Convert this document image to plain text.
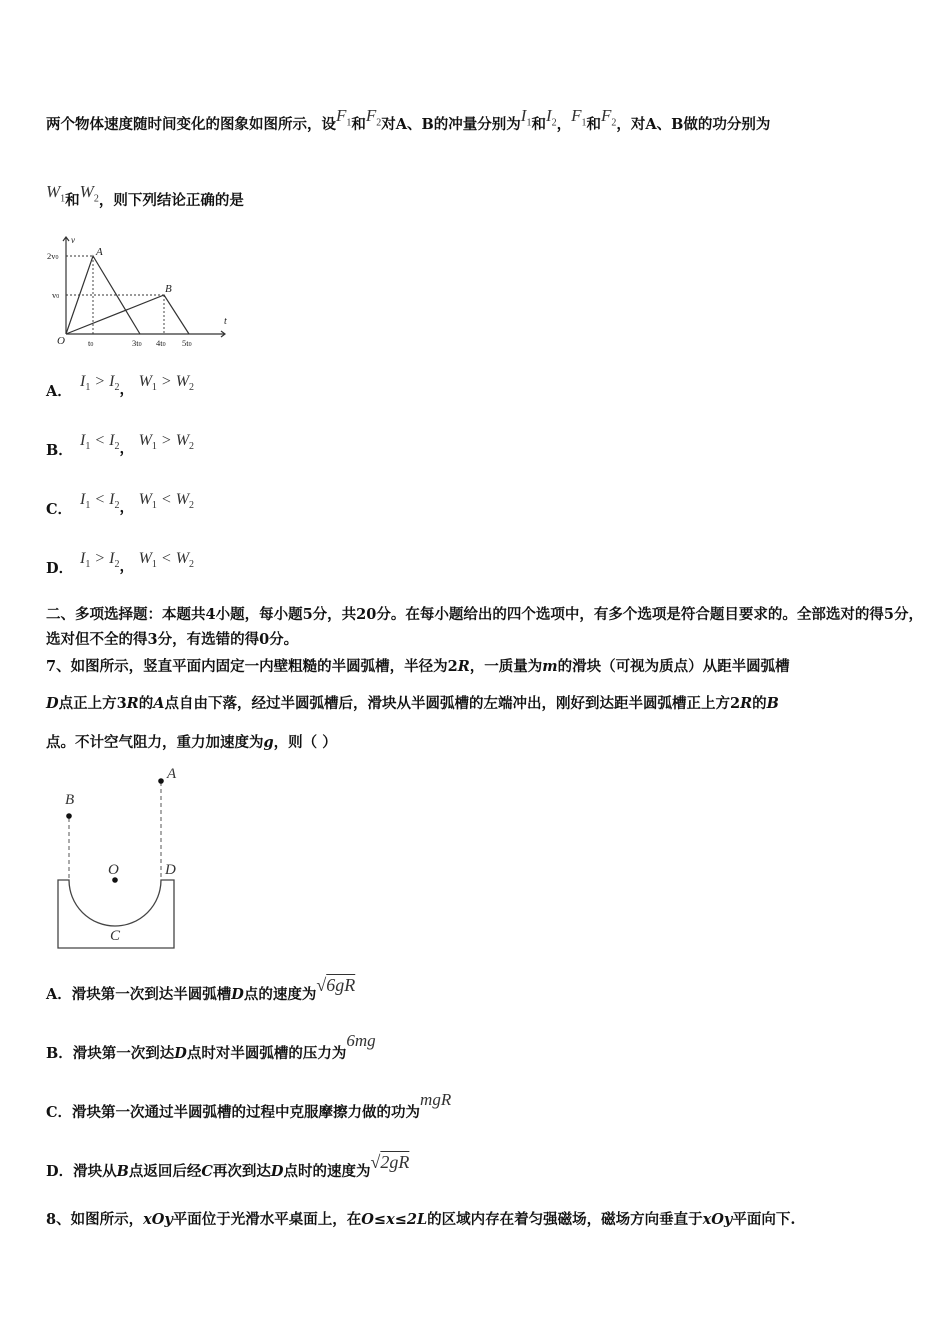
两个物体速度随时间变化的图象如图所示，设$F_1$和$F_2$对A、B的冲量分别为$I_1$和$I_2$，$F_1$和$F_2$，对A、B做的功分别为
$W_1$和$W_2$，则下列结论正确的是
v
t
O
A
B
2v0
v0
t0	3t0 4t0 5t0
A．$I_1 > I_2$， $W_1 > W_2$
B．$I_1 < I_2$， $W_1 > W_2$
C．$I_1 < I_2$， $W_1 < W_2$
D．$I_1 > I_2$， $W_1 < W_2$
二、多项选择题：本题共4小题，每小题5分，共20分。在每小题给出的四个选项中，有多个选项是符合题目要求的。全部选对的得5分，选对但不全的得3分，有选错的得0分。
7、如图所示，竖直平面内固定一内壁粗糙的半圆弧槽，半径为2R，一质量为m的滑块（可视为质点）从距半圆弧槽
D点正上方3R的A点自由下落，经过半圆弧槽后，滑块从半圆弧槽的左端冲出，刚好到达距半圆弧槽正上方2R的B
点。不计空气阻力，重力加速度为g，则（ ）
B
A
O	D
C
A．滑块第一次到达半圆弧槽D点的速度为√6gR
B．滑块第一次到达D点时对半圆弧槽的压力为6mg
C．滑块第一次通过半圆弧槽的过程中克服摩擦力做的功为mgR
D．滑块从B点返回后经C再次到达D点时的速度为√2gR
8、如图所示，xOy平面位于光滑水平桌面上，在O≤x≤2L的区域内存在着匀强磁场，磁场方向垂直于xOy平面向下.
